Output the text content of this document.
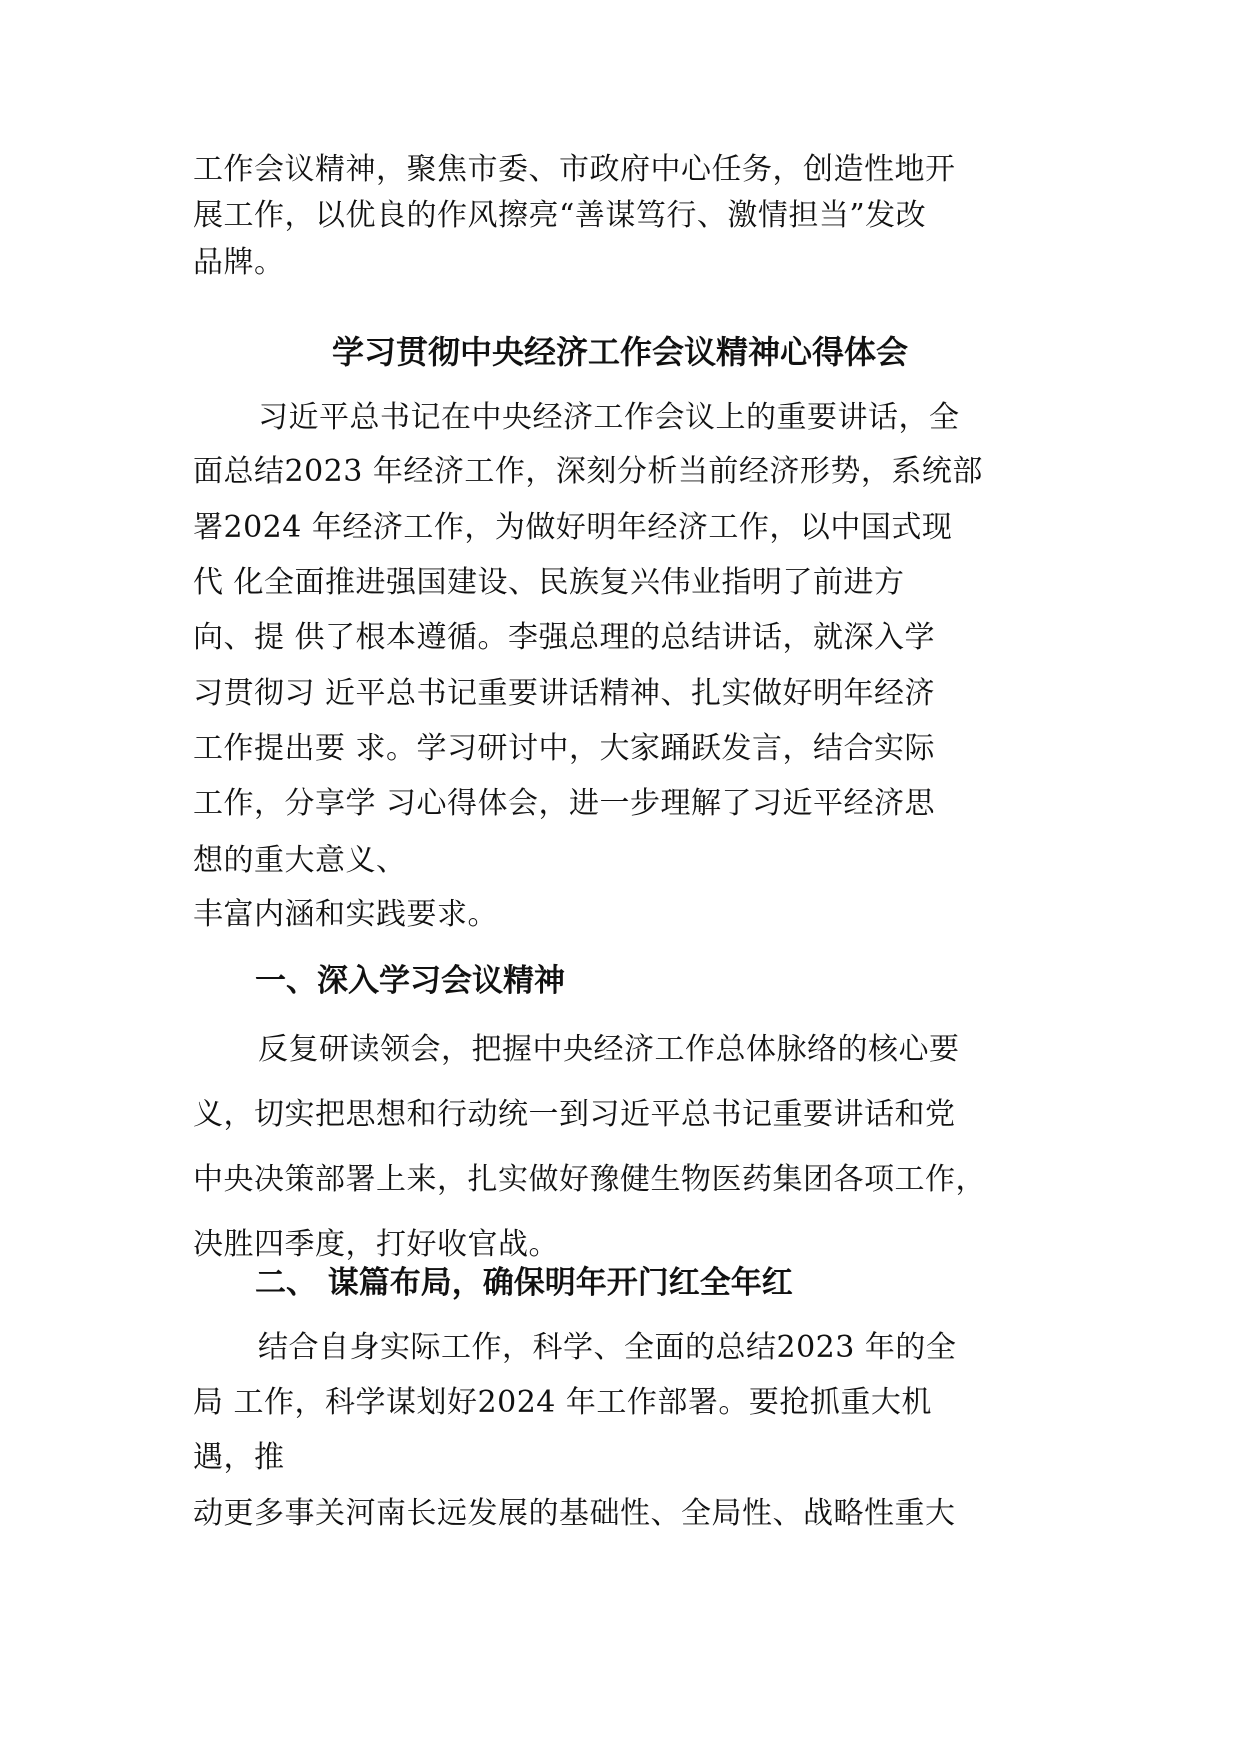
工作会议精神，聚焦市委、市政府中心任务，创造性地开
展工作，以优良的作风擦亮“善谋笃行、激情担当”发改
品牌。
学习贯彻中央经济工作会议精神心得体会
习近平总书记在中央经济工作会议上的重要讲话，全
面总结2023 年经济工作，深刻分析当前经济形势，系统部
署2024 年经济工作，为做好明年经济工作，以中国式现
代 化全面推进强国建设、民族复兴伟业指明了前进方
向、提 供了根本遵循。李强总理的总结讲话，就深入学
习贯彻习 近平总书记重要讲话精神、扎实做好明年经济
工作提出要 求。学习研讨中，大家踊跃发言，结合实际
工作，分享学 习心得体会，进一步理解了习近平经济思
想的重大意义、
丰富内涵和实践要求。
一、深入学习会议精神
反复研读领会，把握中央经济工作总体脉络的核心要
义，切实把思想和行动统一到习近平总书记重要讲话和党
中央决策部署上来，扎实做好豫健生物医药集团各项工作，
决胜四季度，打好收官战。
二、 谋篇布局，确保明年开门红全年红
结合自身实际工作，科学、全面的总结2023 年的全
局 工作，科学谋划好2024 年工作部署。要抢抓重大机
遇，推
动更多事关河南长远发展的基础性、全局性、战略性重大
